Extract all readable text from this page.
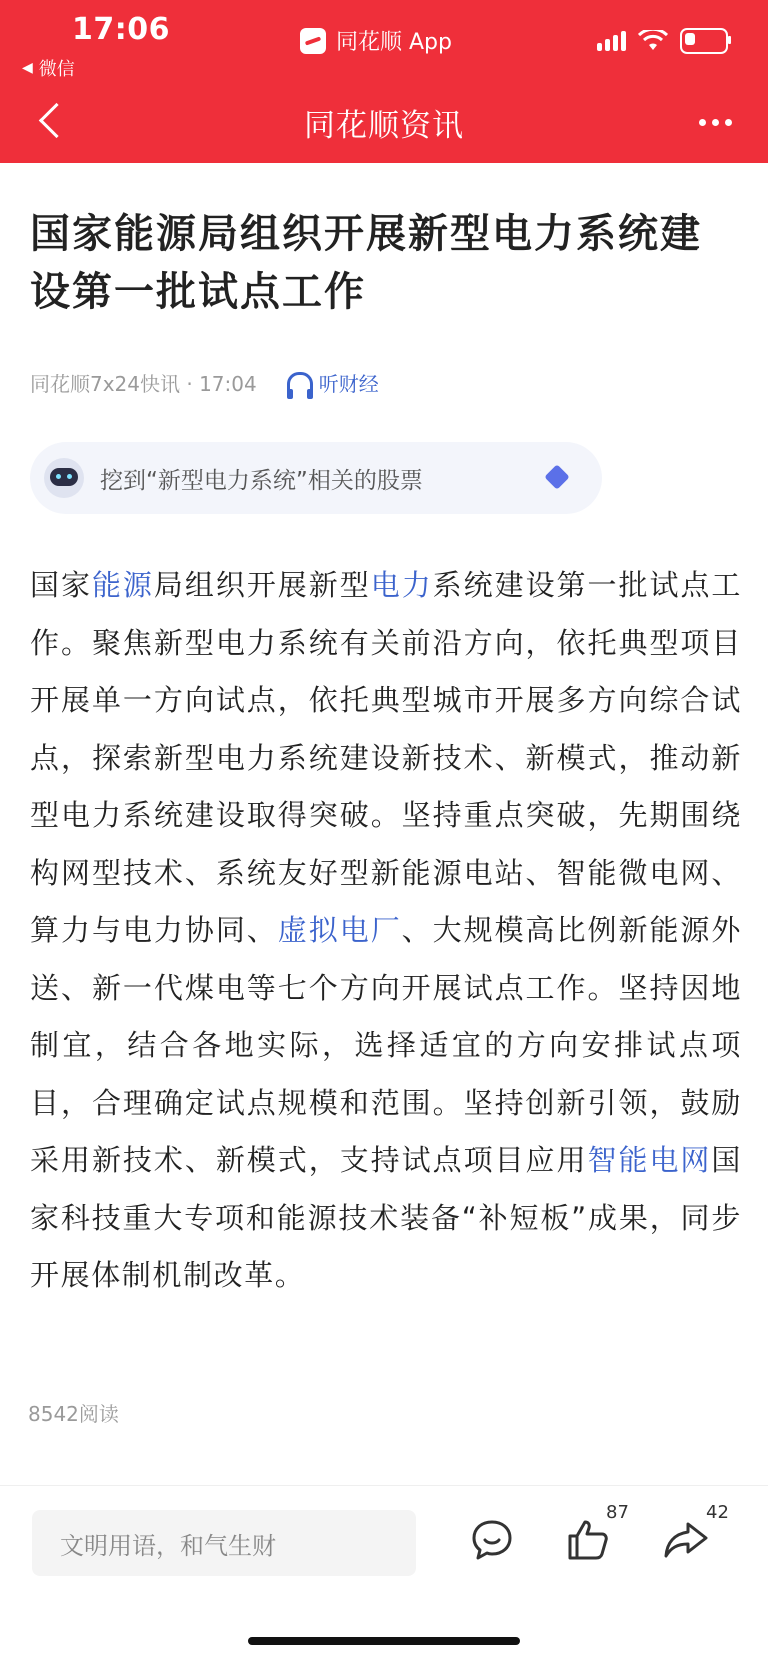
17:06
◀ 微信
同花顺 App
同花顺资讯
国家能源局组织开展新型电力系统建设第一批试点工作
同花顺7x24快讯 · 17:04	听财经
挖到“新型电力系统”相关的股票
国家能源局组织开展新型电力系统建设第一批试点工作。聚焦新型电力系统有关前沿方向，依托典型项目开展单一方向试点，依托典型城市开展多方向综合试点，探索新型电力系统建设新技术、新模式，推动新型电力系统建设取得突破。坚持重点突破，先期围绕构网型技术、系统友好型新能源电站、智能微电网、算力与电力协同、虚拟电厂、大规模高比例新能源外送、新一代煤电等七个方向开展试点工作。坚持因地制宜，结合各地实际，选择适宜的方向安排试点项目，合理确定试点规模和范围。坚持创新引领，鼓励采用新技术、新模式，支持试点项目应用智能电网国家科技重大专项和能源技术装备“补短板”成果，同步开展体制机制改革。
8542阅读
文明用语，和气生财
87	42
